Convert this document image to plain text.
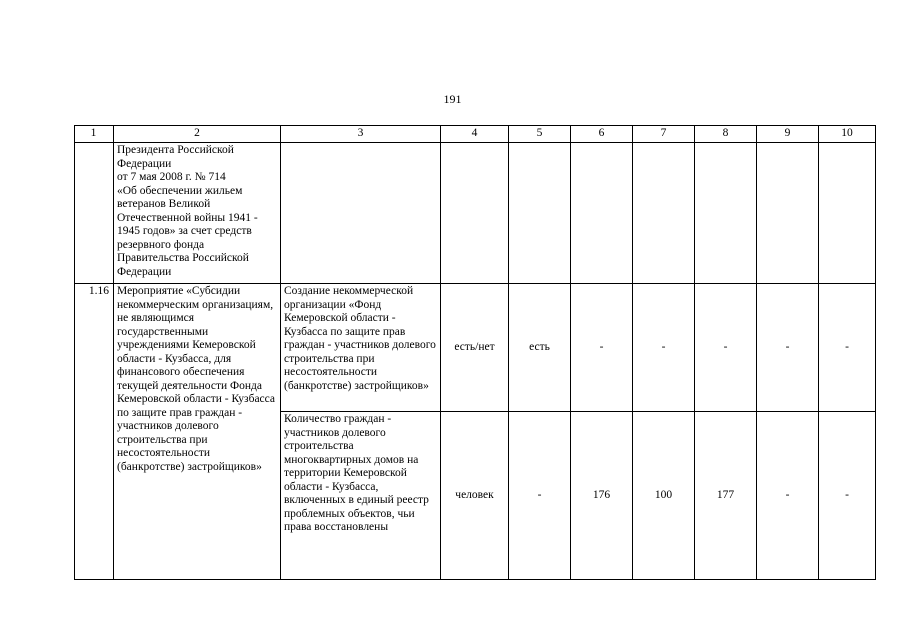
191
1	2	3	4	5	6	7	8	9	10
	Президента Российской Федерации
от 7 мая 2008 г. № 714
«Об обеспечении жильем ветеранов Великой Отечественной войны 1941 - 1945 годов» за счет средств резервного фонда Правительства Российской Федерации								
1.16	Мероприятие «Субсидии некоммерческим организациям, не являющимся государственными учреждениями Кемеровской области - Кузбасса, для финансового обеспечения текущей деятельности Фонда Кемеровской области - Кузбасса по защите прав граждан - участников долевого строительства при несостоятельности (банкротстве) застройщиков»	Создание некоммерческой организации «Фонд Кемеровской области - Кузбасса по защите прав граждан - участников долевого строительства при несостоятельности (банкротстве) застройщиков»	есть/нет	есть	-	-	-	-	-
		Количество граждан - участников долевого строительства многоквартирных домов на территории Кемеровской области - Кузбасса, включенных в единый реестр проблемных объектов, чьи права восстановлены	человек	-	176	100	177	-	-
